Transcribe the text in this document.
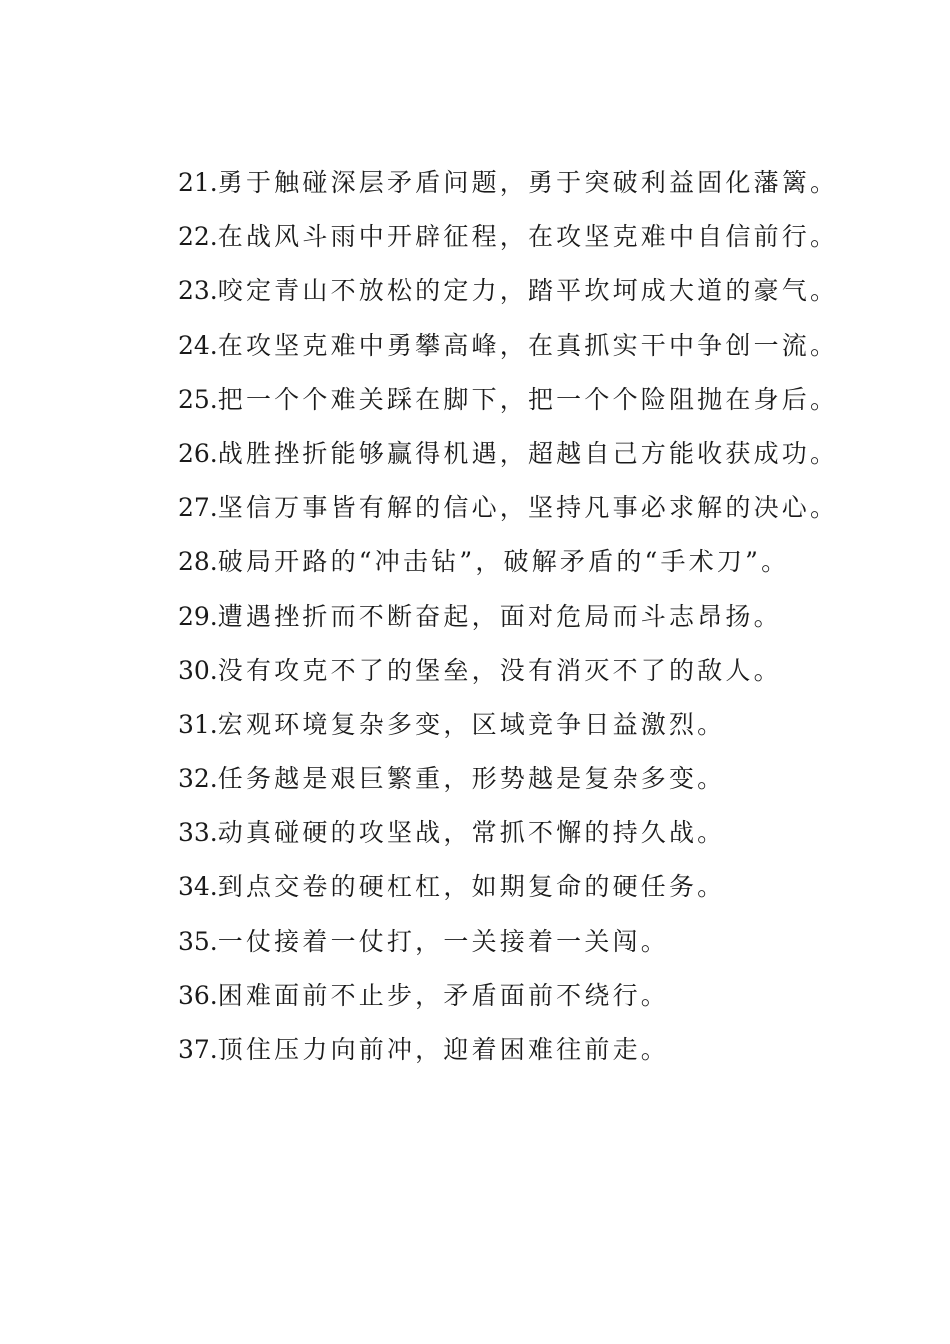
21. 勇于触碰深层矛盾问题，勇于突破利益固化藩篱。
22. 在战风斗雨中开辟征程，在攻坚克难中自信前行。
23. 咬定青山不放松的定力，踏平坎坷成大道的豪气。
24. 在攻坚克难中勇攀高峰，在真抓实干中争创一流。
25. 把一个个难关踩在脚下，把一个个险阻抛在身后。
26. 战胜挫折能够赢得机遇，超越自己方能收获成功。
27. 坚信万事皆有解的信心，坚持凡事必求解的决心。
28. 破局开路的“冲击钻”，破解矛盾的“手术刀”。
29. 遭遇挫折而不断奋起，面对危局而斗志昂扬。
30. 没有攻克不了的堡垒，没有消灭不了的敌人。
31. 宏观环境复杂多变，区域竞争日益激烈。
32. 任务越是艰巨繁重，形势越是复杂多变。
33. 动真碰硬的攻坚战，常抓不懈的持久战。
34. 到点交卷的硬杠杠，如期复命的硬任务。
35. 一仗接着一仗打，一关接着一关闯。
36. 困难面前不止步，矛盾面前不绕行。
37. 顶住压力向前冲，迎着困难往前走。
